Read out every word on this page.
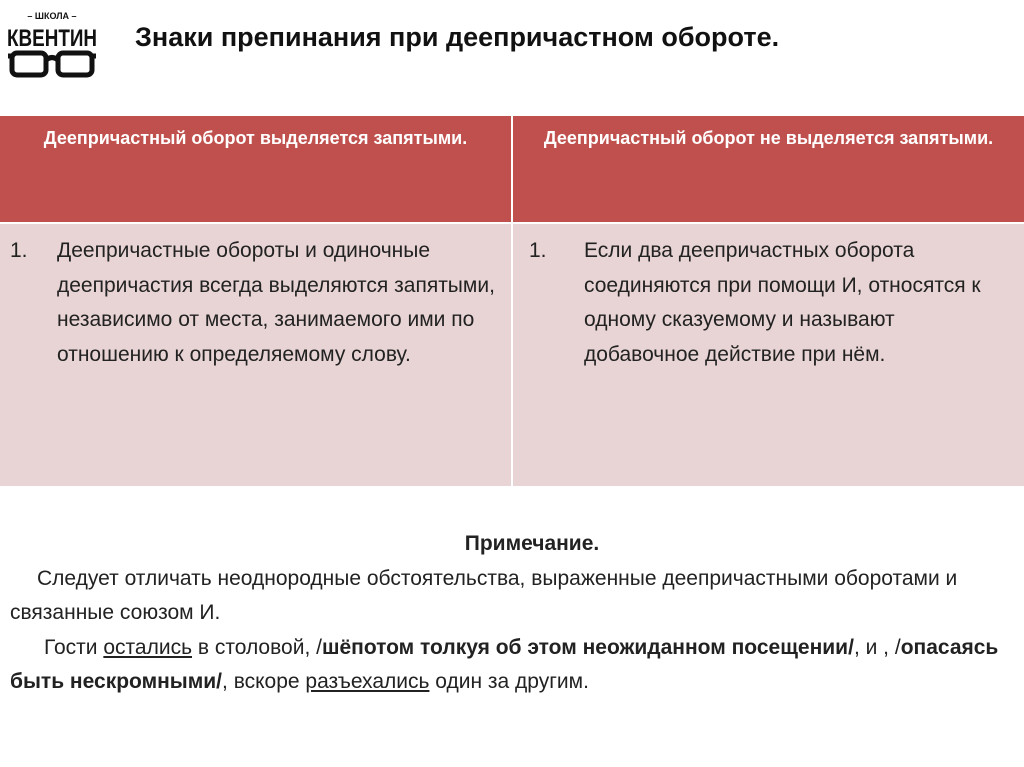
– ШКОЛА –
КВЕНТИН Знаки препинания при деепричастном обороте.
Деепричастный оборот выделяется запятыми.	Деепричастный оборот не выделяется запятыми.

1. Деепричастные обороты и одиночные деепричастия всегда выделяются запятыми, независимо от места, занимаемого ими по отношению к определяемому слову.	1. Если два деепричастных оборота соединяются при помощи И, относятся к одному сказуемому и называют добавочное действие при нём.
Примечание.

Следует отличать неоднородные обстоятельства, выраженные деепричастными оборотами и связанные союзом И.

Гости остались в столовой, /шёпотом толкуя об этом неожиданном посещении/, и , /опасаясь быть нескромными/, вскоре разъехались один за другим.
